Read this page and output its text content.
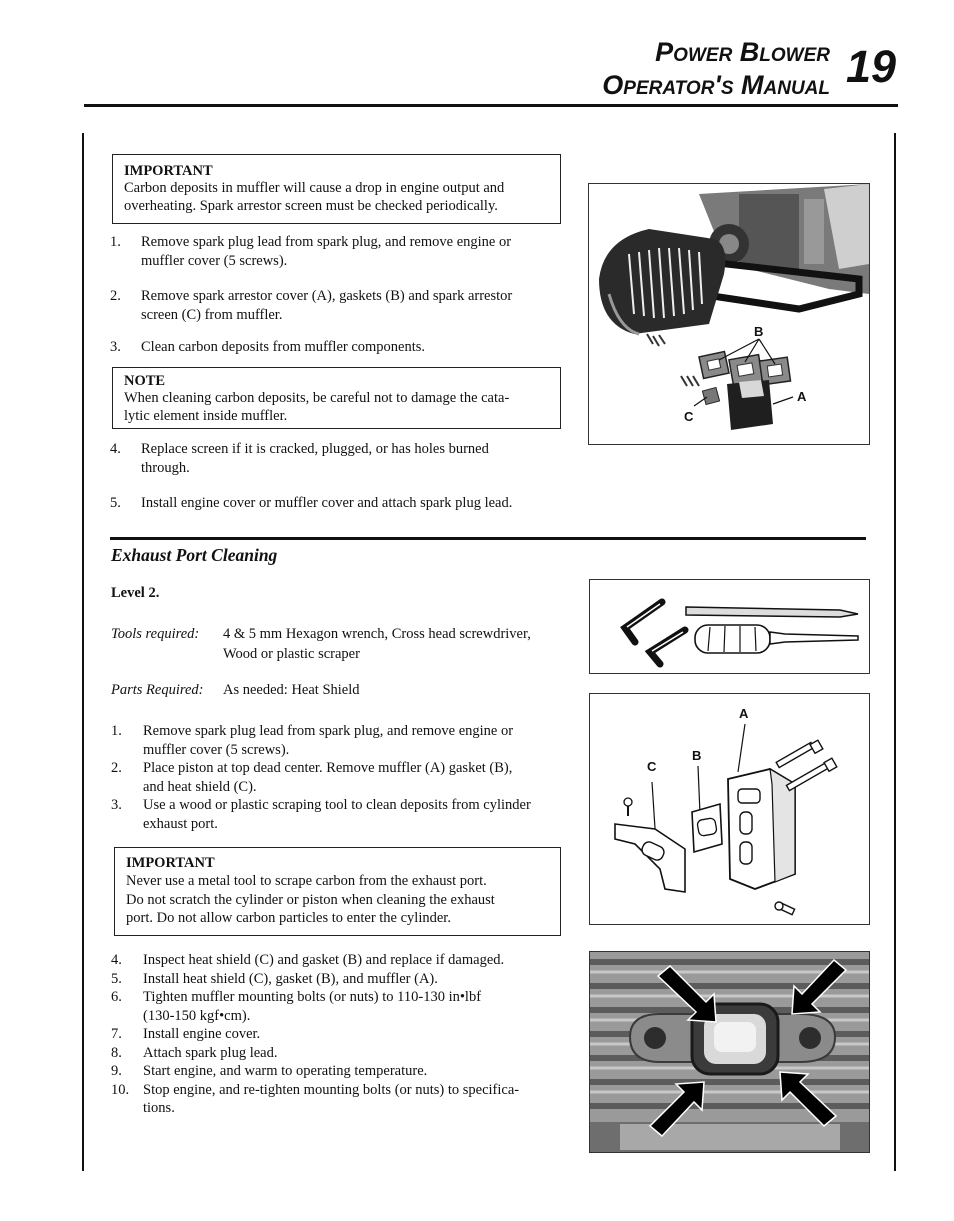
Power Blower
Operator's Manual 19
IMPORTANT
Carbon deposits in muffler will cause a drop in engine output and
overheating. Spark arrestor screen must be checked periodically.
1. Remove spark plug lead from spark plug, and remove engine or
muffler cover (5 screws).
2. Remove spark arrestor cover (A), gaskets (B) and spark arrestor
screen (C) from muffler.
3. Clean carbon deposits from muffler components.
NOTE
When cleaning carbon deposits, be careful not to damage the cata-
lytic element inside muffler.
4. Replace screen if it is cracked, plugged, or has holes burned
through.
5. Install engine cover or muffler cover and attach spark plug lead.
B
A
C
Exhaust Port Cleaning
Level 2.
Tools required: 4 & 5 mm Hexagon wrench, Cross head screwdriver,
Wood or plastic scraper
Parts Required: As needed: Heat Shield
1. Remove spark plug lead from spark plug, and remove engine or
muffler cover (5 screws).
2. Place piston at top dead center. Remove muffler (A) gasket (B),
and heat shield (C).
3. Use a wood or plastic scraping tool to clean deposits from cylinder
exhaust port.
IMPORTANT
Never use a metal tool to scrape carbon from the exhaust port.
Do not scratch the cylinder or piston when cleaning the exhaust
port. Do not allow carbon particles to enter the cylinder.
4. Inspect heat shield (C) and gasket (B) and replace if damaged.
5. Install heat shield (C), gasket (B), and muffler (A).
6. Tighten muffler mounting bolts (or nuts) to 110-130 in•lbf
(130-150 kgf•cm).
7. Install engine cover.
8. Attach spark plug lead.
9. Start engine, and warm to operating temperature.
10. Stop engine, and re-tighten mounting bolts (or nuts) to specifica-
tions.
A
B
C
